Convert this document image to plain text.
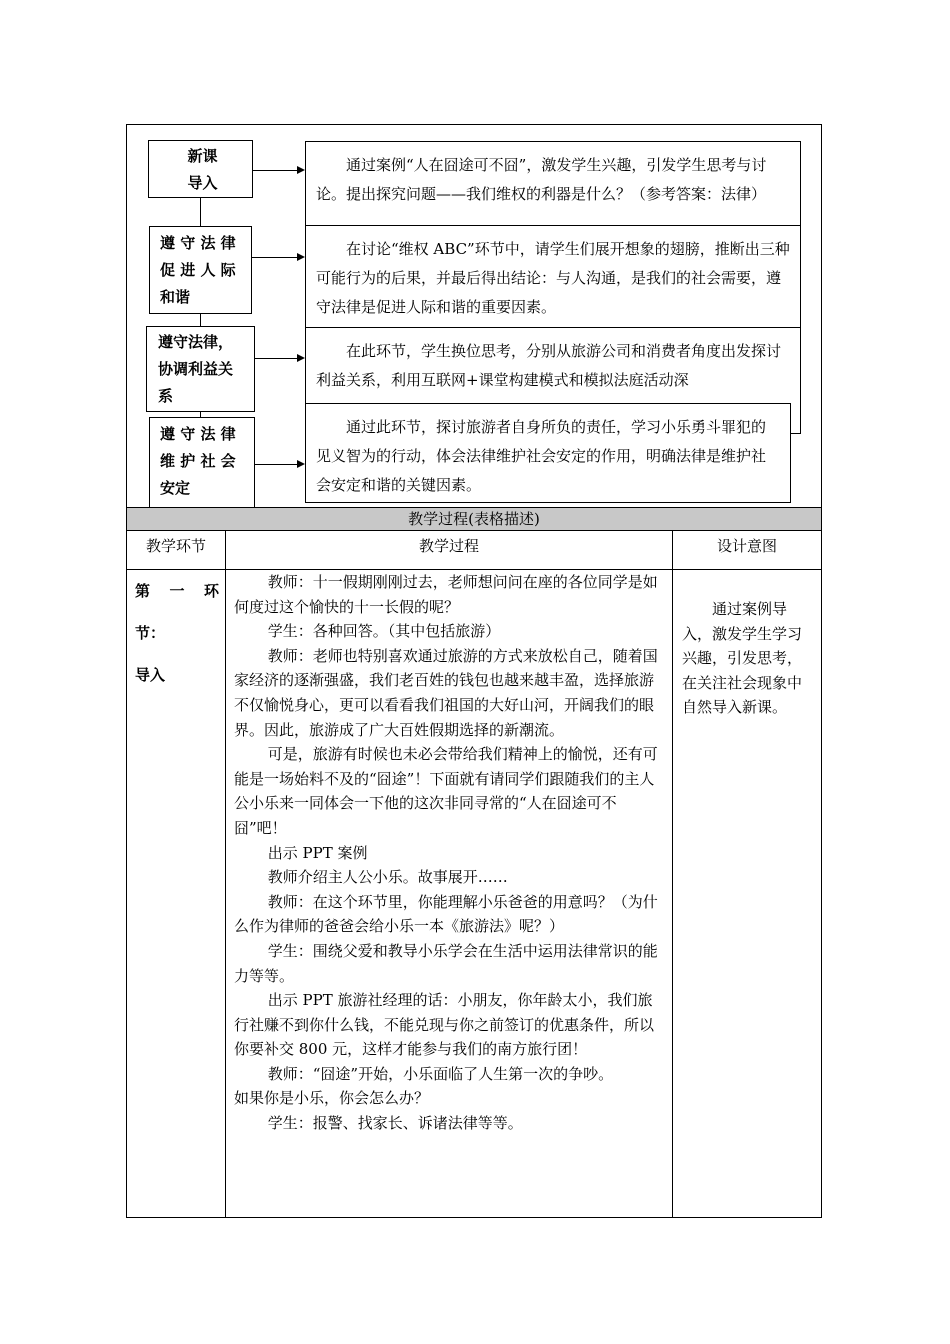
通过案例“人在囧途可不囧”，激发学生兴趣，引发学生思考与讨论。提出探究问题——我们维权的利器是什么？（参考答案：法律）
在讨论“维权 ABC”环节中，请学生们展开想象的翅膀，推断出三种可能行为的后果，并最后得出结论：与人沟通，是我们的社会需要，遵守法律是促进人际和谐的重要因素。
在此环节，学生换位思考，分别从旅游公司和消费者角度出发探讨利益关系，利用互联网+课堂构建模式和模拟法庭活动深
通过此环节，探讨旅游者自身所负的责任，学习小乐勇斗罪犯的见义智为的行动，体会法律维护社会安定的作用，明确法律是维护社会安定和谐的关键因素。
新课
导入
遵 守 法 律
促 进 人 际
和谐
遵守法律，
协调利益关
系
遵 守 法 律
维 护 社 会
安定
教学过程(表格描述)
教学环节	教学过程	设计意图
第 一 环
节：
导入

教师：十一假期刚刚过去，老师想问问在座的各位同学是如何度过这个愉快的十一长假的呢？

学生：各种回答。（其中包括旅游）

教师：老师也特别喜欢通过旅游的方式来放松自己，随着国家经济的逐渐强盛，我们老百姓的钱包也越来越丰盈，选择旅游不仅愉悦身心，更可以看看我们祖国的大好山河，开阔我们的眼界。因此，旅游成了广大百姓假期选择的新潮流。

可是，旅游有时候也未必会带给我们精神上的愉悦，还有可能是一场始料不及的“囧途”！下面就有请同学们跟随我们的主人公小乐来一同体会一下他的这次非同寻常的“人在囧途可不囧”吧！

出示 PPT 案例

教师介绍主人公小乐。故事展开……

教师：在这个环节里，你能理解小乐爸爸的用意吗？（为什么作为律师的爸爸会给小乐一本《旅游法》呢？）

学生：围绕父爱和教导小乐学会在生活中运用法律常识的能力等等。

出示 PPT 旅游社经理的话：小朋友，你年龄太小，我们旅行社赚不到你什么钱，不能兑现与你之前签订的优惠条件，所以你要补交 800 元，这样才能参与我们的南方旅行团！

教师：“囧途”开始，小乐面临了人生第一次的争吵。

如果你是小乐，你会怎么办？

学生：报警、找家长、诉诸法律等等。

通过案例导入，激发学生学习兴趣，引发思考，在关注社会现象中自然导入新课。
